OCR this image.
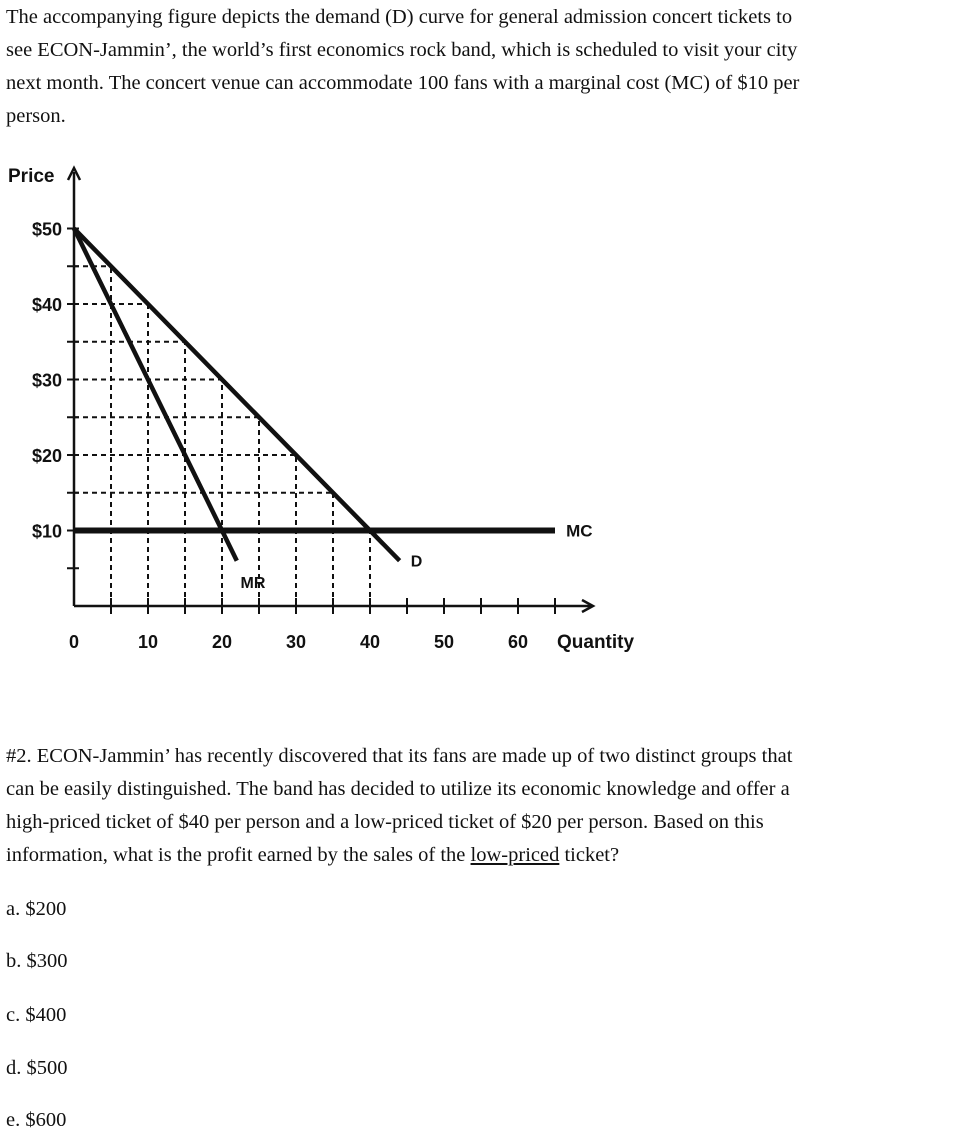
The accompanying figure depicts the demand (D) curve for general admission concert tickets to
see ECON-Jammin’, the world’s first economics rock band, which is scheduled to visit your city
next month. The concert venue can accommodate 100 fans with a marginal cost (MC) of $10 per
person.
$50
$40
$30
$20
$10
0	10	20	30	40	50	60
Price
Quantity
MC
D
MR
#2. ECON-Jammin’ has recently discovered that its fans are made up of two distinct groups that
can be easily distinguished. The band has decided to utilize its economic knowledge and offer a
high-priced ticket of $40 per person and a low-priced ticket of $20 per person. Based on this
information, what is the profit earned by the sales of the low-priced ticket?
a. $200
b. $300
c. $400
d. $500
e. $600
